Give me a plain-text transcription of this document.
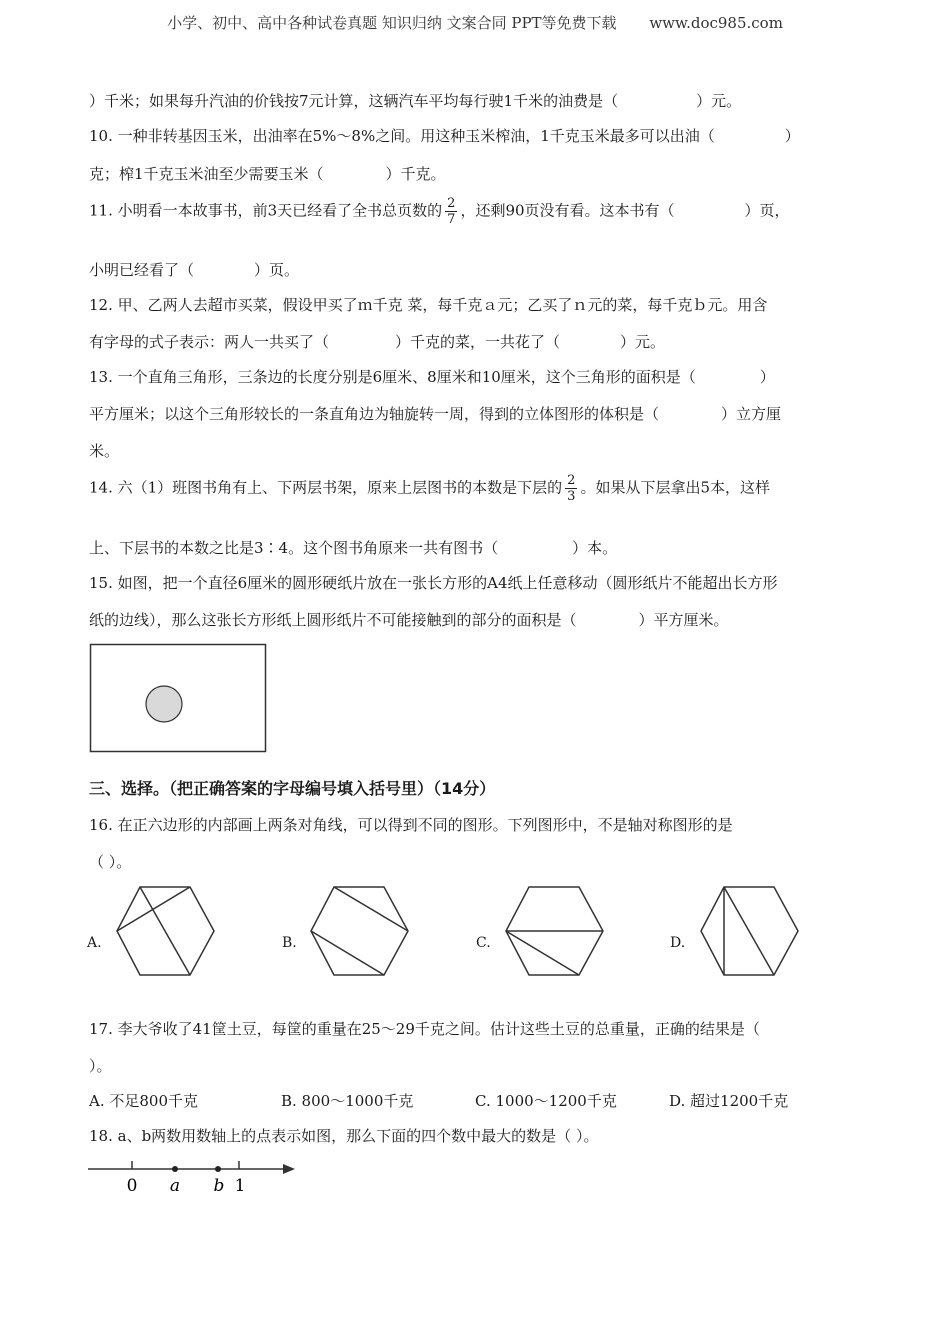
小学、初中、高中各种试卷真题 知识归纳 文案合同 PPT等免费下载 www.doc985.com
）千米；如果每升汽油的价钱按7元计算，这辆汽车平均每行驶1千米的油费是（	）元。
10. 一种非转基因玉米，出油率在5%～8%之间。用这种玉米榨油，1千克玉米最多可以出油（	）
克；榨1千克玉米油至少需要玉米（	）千克。
11. 小明看一本故事书，前3天已经看了全书总页数的 $\frac{2}{7}$ ，还剩90页没有看。这本书有（	）页，
小明已经看了（	）页。
12. 甲、乙两人去超市买菜，假设甲买了ｍ千克 菜，每千克ａ元；乙买了ｎ元的菜，每千克ｂ元。用含
有字母的式子表示：两人一共买了（	）千克的菜，一共花了（	）元。
13. 一个直角三角形，三条边的长度分别是6厘米、8厘米和10厘米，这个三角形的面积是（	）
平方厘米；以这个三角形较长的一条直角边为轴旋转一周，得到的立体图形的体积是（	）立方厘
米。
14. 六（1）班图书角有上、下两层书架，原来上层图书的本数是下层的 $\frac{2}{3}$ 。如果从下层拿出5本，这样
上、下层书的本数之比是3∶4。这个图书角原来一共有图书（	）本。
15. 如图，把一个直径6厘米的圆形硬纸片放在一张长方形的A4纸上任意移动（圆形纸片不能超出长方形
纸的边线），那么这张长方形纸上圆形纸片不可能接触到的部分的面积是（	）平方厘米。
三、选择。（把正确答案的字母编号填入括号里）（14分）
16. 在正六边形的内部画上两条对角线，可以得到不同的图形。下列图形中，不是轴对称图形的是
（ ）。
A.	B.	C.	D.
17. 李大爷收了41筐土豆，每筐的重量在25～29千克之间。估计这些土豆的总重量，正确的结果是（
）。
A. 不足800千克	B. 800～1000千克	C. 1000～1200千克	D. 超过1200千克
18. a、b两数用数轴上的点表示如图，那么下面的四个数中最大的数是（ ）。
0 a b 1
